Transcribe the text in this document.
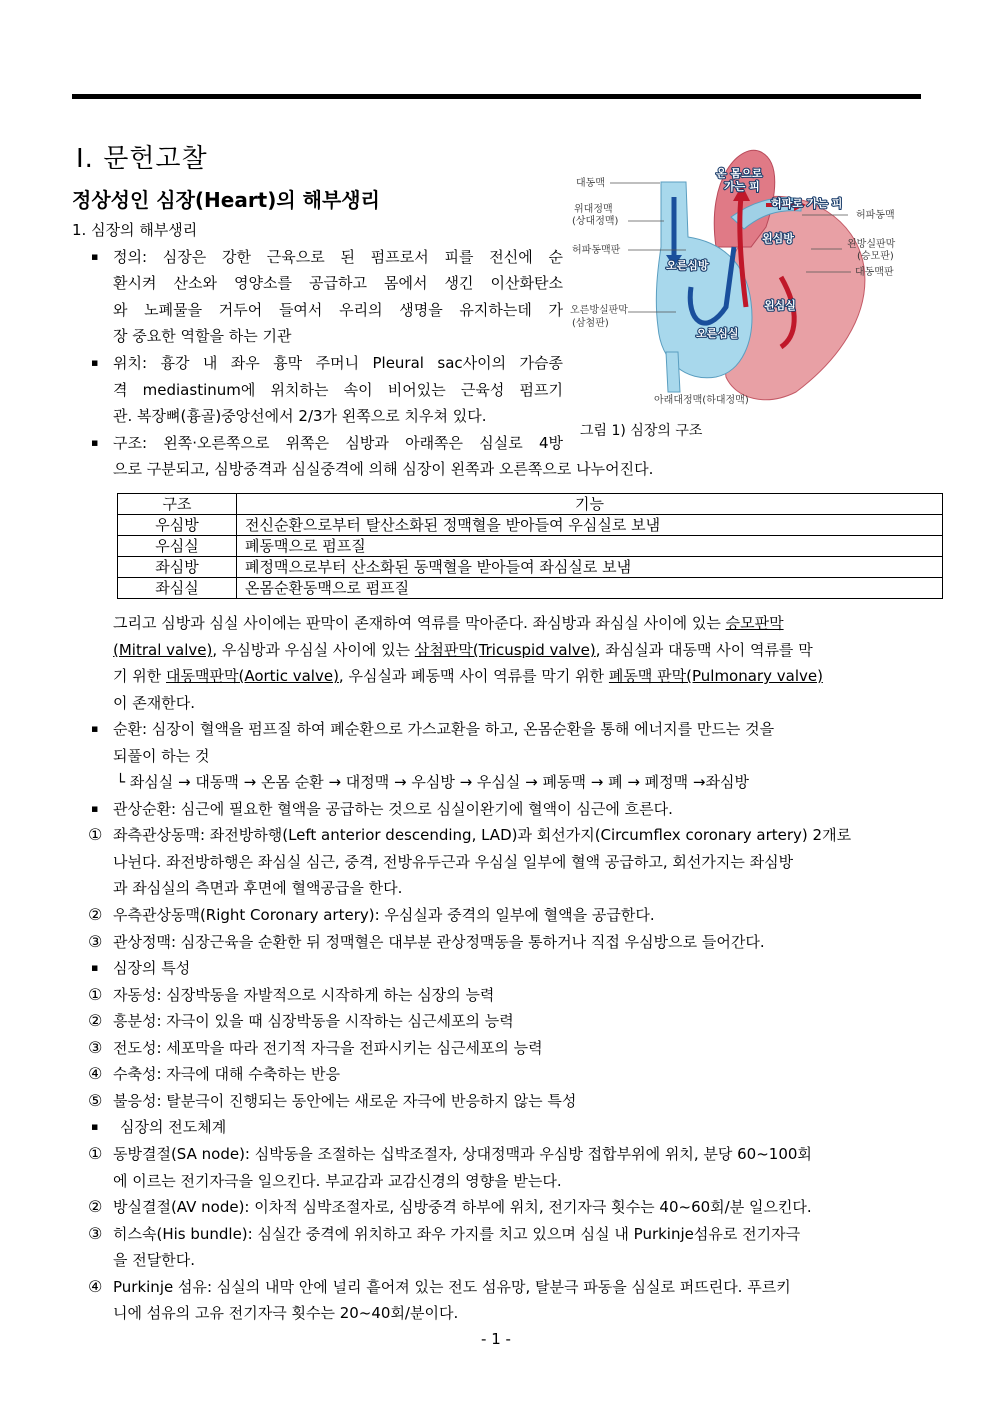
Ⅰ. 문헌고찰
정상성인 심장(Heart)의 해부생리
1. 심장의 해부생리
▪ 정의: 심장은 강한 근육으로 된 펌프로서 피를 전신에 순
환시켜 산소와 영양소를 공급하고 몸에서 생긴 이산화탄소
와 노폐물을 거두어 들여서 우리의 생명을 유지하는데 가
장 중요한 역할을 하는 기관
▪ 위치: 흉강 내 좌우 흉막 주머니 Pleural sac사이의 가슴종
격 mediastinum에 위치하는 속이 비어있는 근육성 펌프기
관. 복장뼈(흉골)중앙선에서 2/3가 왼쪽으로 치우쳐 있다.
▪ 구조: 왼쪽·오른쪽으로 위쪽은 심방과 아래쪽은 심실로 4방
으로 구분되고, 심방중격과 심실중격에 의해 심장이 왼쪽과 오른쪽으로 나누어진다.
대동맥
위대정맥
(상대정맥)
허파동맥판
오른방실판막
(삼첨판)
아래대정맥(하대정맥)
허파동맥
왼방실판막
(승모판)
대동맥판
온 몸으로
가는 피
허파로 가는 피
오른심방
왼심방
왼심실
오른심실
그림 1) 심장의 구조
구조	기능
우심방	전신순환으로부터 탈산소화된 정맥혈을 받아들여 우심실로 보냄
우심실	폐동맥으로 펌프질
좌심방	폐정맥으로부터 산소화된 동맥혈을 받아들여 좌심실로 보냄
좌심실	온몸순환동맥으로 펌프질
그리고 심방과 심실 사이에는 판막이 존재하여 역류를 막아준다. 좌심방과 좌심실 사이에 있는 승모판막
(Mitral valve), 우심방과 우심실 사이에 있는 삼첨판막(Tricuspid valve), 좌심실과 대동맥 사이 역류를 막
기 위한 대동맥판막(Aortic valve), 우심실과 폐동맥 사이 역류를 막기 위한 폐동맥 판막(Pulmonary valve)
이 존재한다.
▪ 순환: 심장이 혈액을 펌프질 하여 폐순환으로 가스교환을 하고, 온몸순환을 통해 에너지를 만드는 것을
되풀이 하는 것
└ 좌심실 → 대동맥 → 온몸 순환 → 대정맥 → 우심방 → 우심실 → 폐동맥 → 폐 → 폐정맥 →좌심방
▪ 관상순환: 심근에 필요한 혈액을 공급하는 것으로 심실이완기에 혈액이 심근에 흐른다.
① 좌측관상동맥: 좌전방하행(Left anterior descending, LAD)과 회선가지(Circumflex coronary artery) 2개로
나뉜다. 좌전방하행은 좌심실 심근, 중격, 전방유두근과 우심실 일부에 혈액 공급하고, 회선가지는 좌심방
과 좌심실의 측면과 후면에 혈액공급을 한다.
② 우측관상동맥(Right Coronary artery): 우심실과 중격의 일부에 혈액을 공급한다.
③ 관상정맥: 심장근육을 순환한 뒤 정맥혈은 대부분 관상정맥동을 통하거나 직접 우심방으로 들어간다.
▪ 심장의 특성
① 자동성: 심장박동을 자발적으로 시작하게 하는 심장의 능력
② 흥분성: 자극이 있을 때 심장박동을 시작하는 심근세포의 능력
③ 전도성: 세포막을 따라 전기적 자극을 전파시키는 심근세포의 능력
④ 수축성: 자극에 대해 수축하는 반응
⑤ 불응성: 탈분극이 진행되는 동안에는 새로운 자극에 반응하지 않는 특성
▪ 심장의 전도체계
① 동방결절(SA node): 심박동을 조절하는 십박조절자, 상대정맥과 우심방 접합부위에 위치, 분당 60~100회
에 이르는 전기자극을 일으킨다. 부교감과 교감신경의 영향을 받는다.
② 방실결절(AV node): 이차적 심박조절자로, 심방중격 하부에 위치, 전기자극 횟수는 40~60회/분 일으킨다.
③ 히스속(His bundle): 심실간 중격에 위치하고 좌우 가지를 치고 있으며 심실 내 Purkinje섬유로 전기자극
을 전달한다.
④ Purkinje 섬유: 심실의 내막 안에 널리 흩어져 있는 전도 섬유망, 탈분극 파동을 심실로 퍼뜨린다. 푸르키
니에 섬유의 고유 전기자극 횟수는 20~40회/분이다.
- 1 -
